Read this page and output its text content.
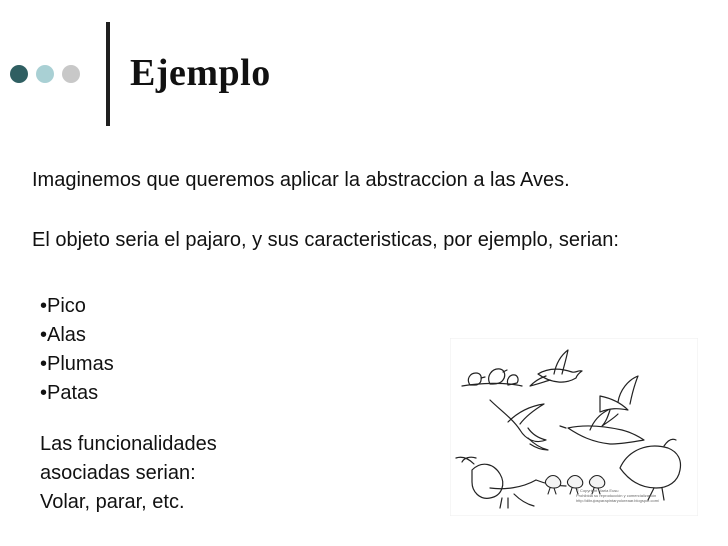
Ejemplo

Imaginemos que queremos aplicar la abstraccion a las Aves.

El objeto seria el pajaro, y sus caracteristicas, por ejemplo, serian:

•Pico
•Alas
•Plumas
•Patas
Las funcionalidades
asociadas serian:
Volar, parar, etc.
© Copyright Maria Eusu
Prohibida su reproducción y comercialización
http://dibujosparapintaryoloreaar.blogspot.com/
